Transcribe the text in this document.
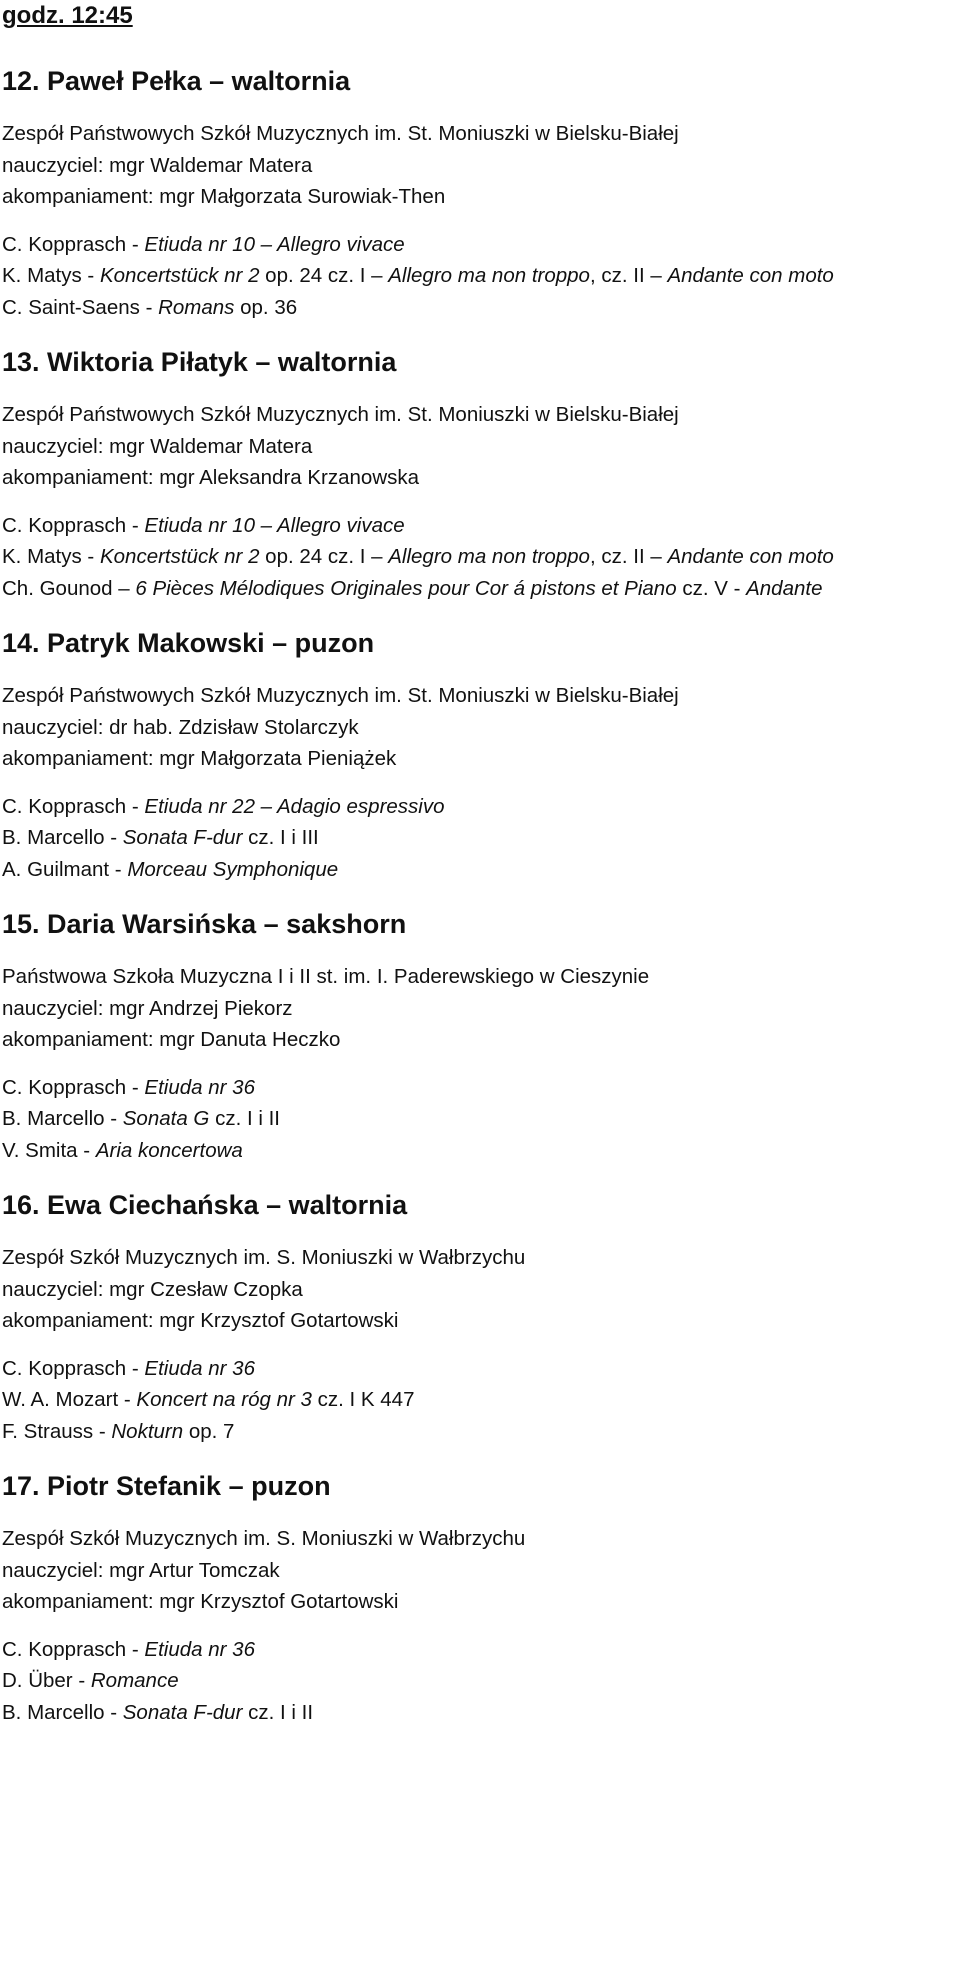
godz. 12:45
12. Paweł Pełka – waltornia
Zespół Państwowych Szkół Muzycznych im. St. Moniuszki w Bielsku-Białej
nauczyciel: mgr Waldemar Matera
akompaniament: mgr Małgorzata Surowiak-Then
C. Kopprasch - Etiuda nr 10 – Allegro vivace
K. Matys - Koncertstück nr 2 op. 24 cz. I – Allegro ma non troppo, cz. II – Andante con moto
C. Saint-Saens - Romans op. 36
13. Wiktoria Piłatyk – waltornia
Zespół Państwowych Szkół Muzycznych im. St. Moniuszki w Bielsku-Białej
nauczyciel: mgr Waldemar Matera
akompaniament: mgr Aleksandra Krzanowska
C. Kopprasch - Etiuda nr 10 – Allegro vivace
K. Matys - Koncertstück nr 2 op. 24 cz. I – Allegro ma non troppo, cz. II – Andante con moto
Ch. Gounod – 6 Pièces Mélodiques Originales pour Cor á pistons et Piano cz. V - Andante
14. Patryk Makowski – puzon
Zespół Państwowych Szkół Muzycznych im. St. Moniuszki w Bielsku-Białej
nauczyciel: dr hab. Zdzisław Stolarczyk
akompaniament: mgr Małgorzata Pieniążek
C. Kopprasch - Etiuda nr 22 – Adagio espressivo
B. Marcello - Sonata F-dur cz. I i III
A. Guilmant - Morceau Symphonique
15. Daria Warsińska – sakshorn
Państwowa Szkoła Muzyczna I i II st. im. I. Paderewskiego w Cieszynie
nauczyciel: mgr Andrzej Piekorz
akompaniament: mgr Danuta Heczko
C. Kopprasch - Etiuda nr 36
B. Marcello - Sonata G cz. I i II
V. Smita - Aria koncertowa
16. Ewa Ciechańska – waltornia
Zespół Szkół Muzycznych im. S. Moniuszki w Wałbrzychu
nauczyciel: mgr Czesław Czopka
akompaniament: mgr Krzysztof Gotartowski
C. Kopprasch - Etiuda nr 36
W. A. Mozart - Koncert na róg nr 3 cz. I K 447
F. Strauss - Nokturn op. 7
17. Piotr Stefanik – puzon
Zespół Szkół Muzycznych im. S. Moniuszki w Wałbrzychu
nauczyciel: mgr Artur Tomczak
akompaniament: mgr Krzysztof Gotartowski
C. Kopprasch - Etiuda nr 36
D. Über - Romance
B. Marcello - Sonata F-dur cz. I i II
